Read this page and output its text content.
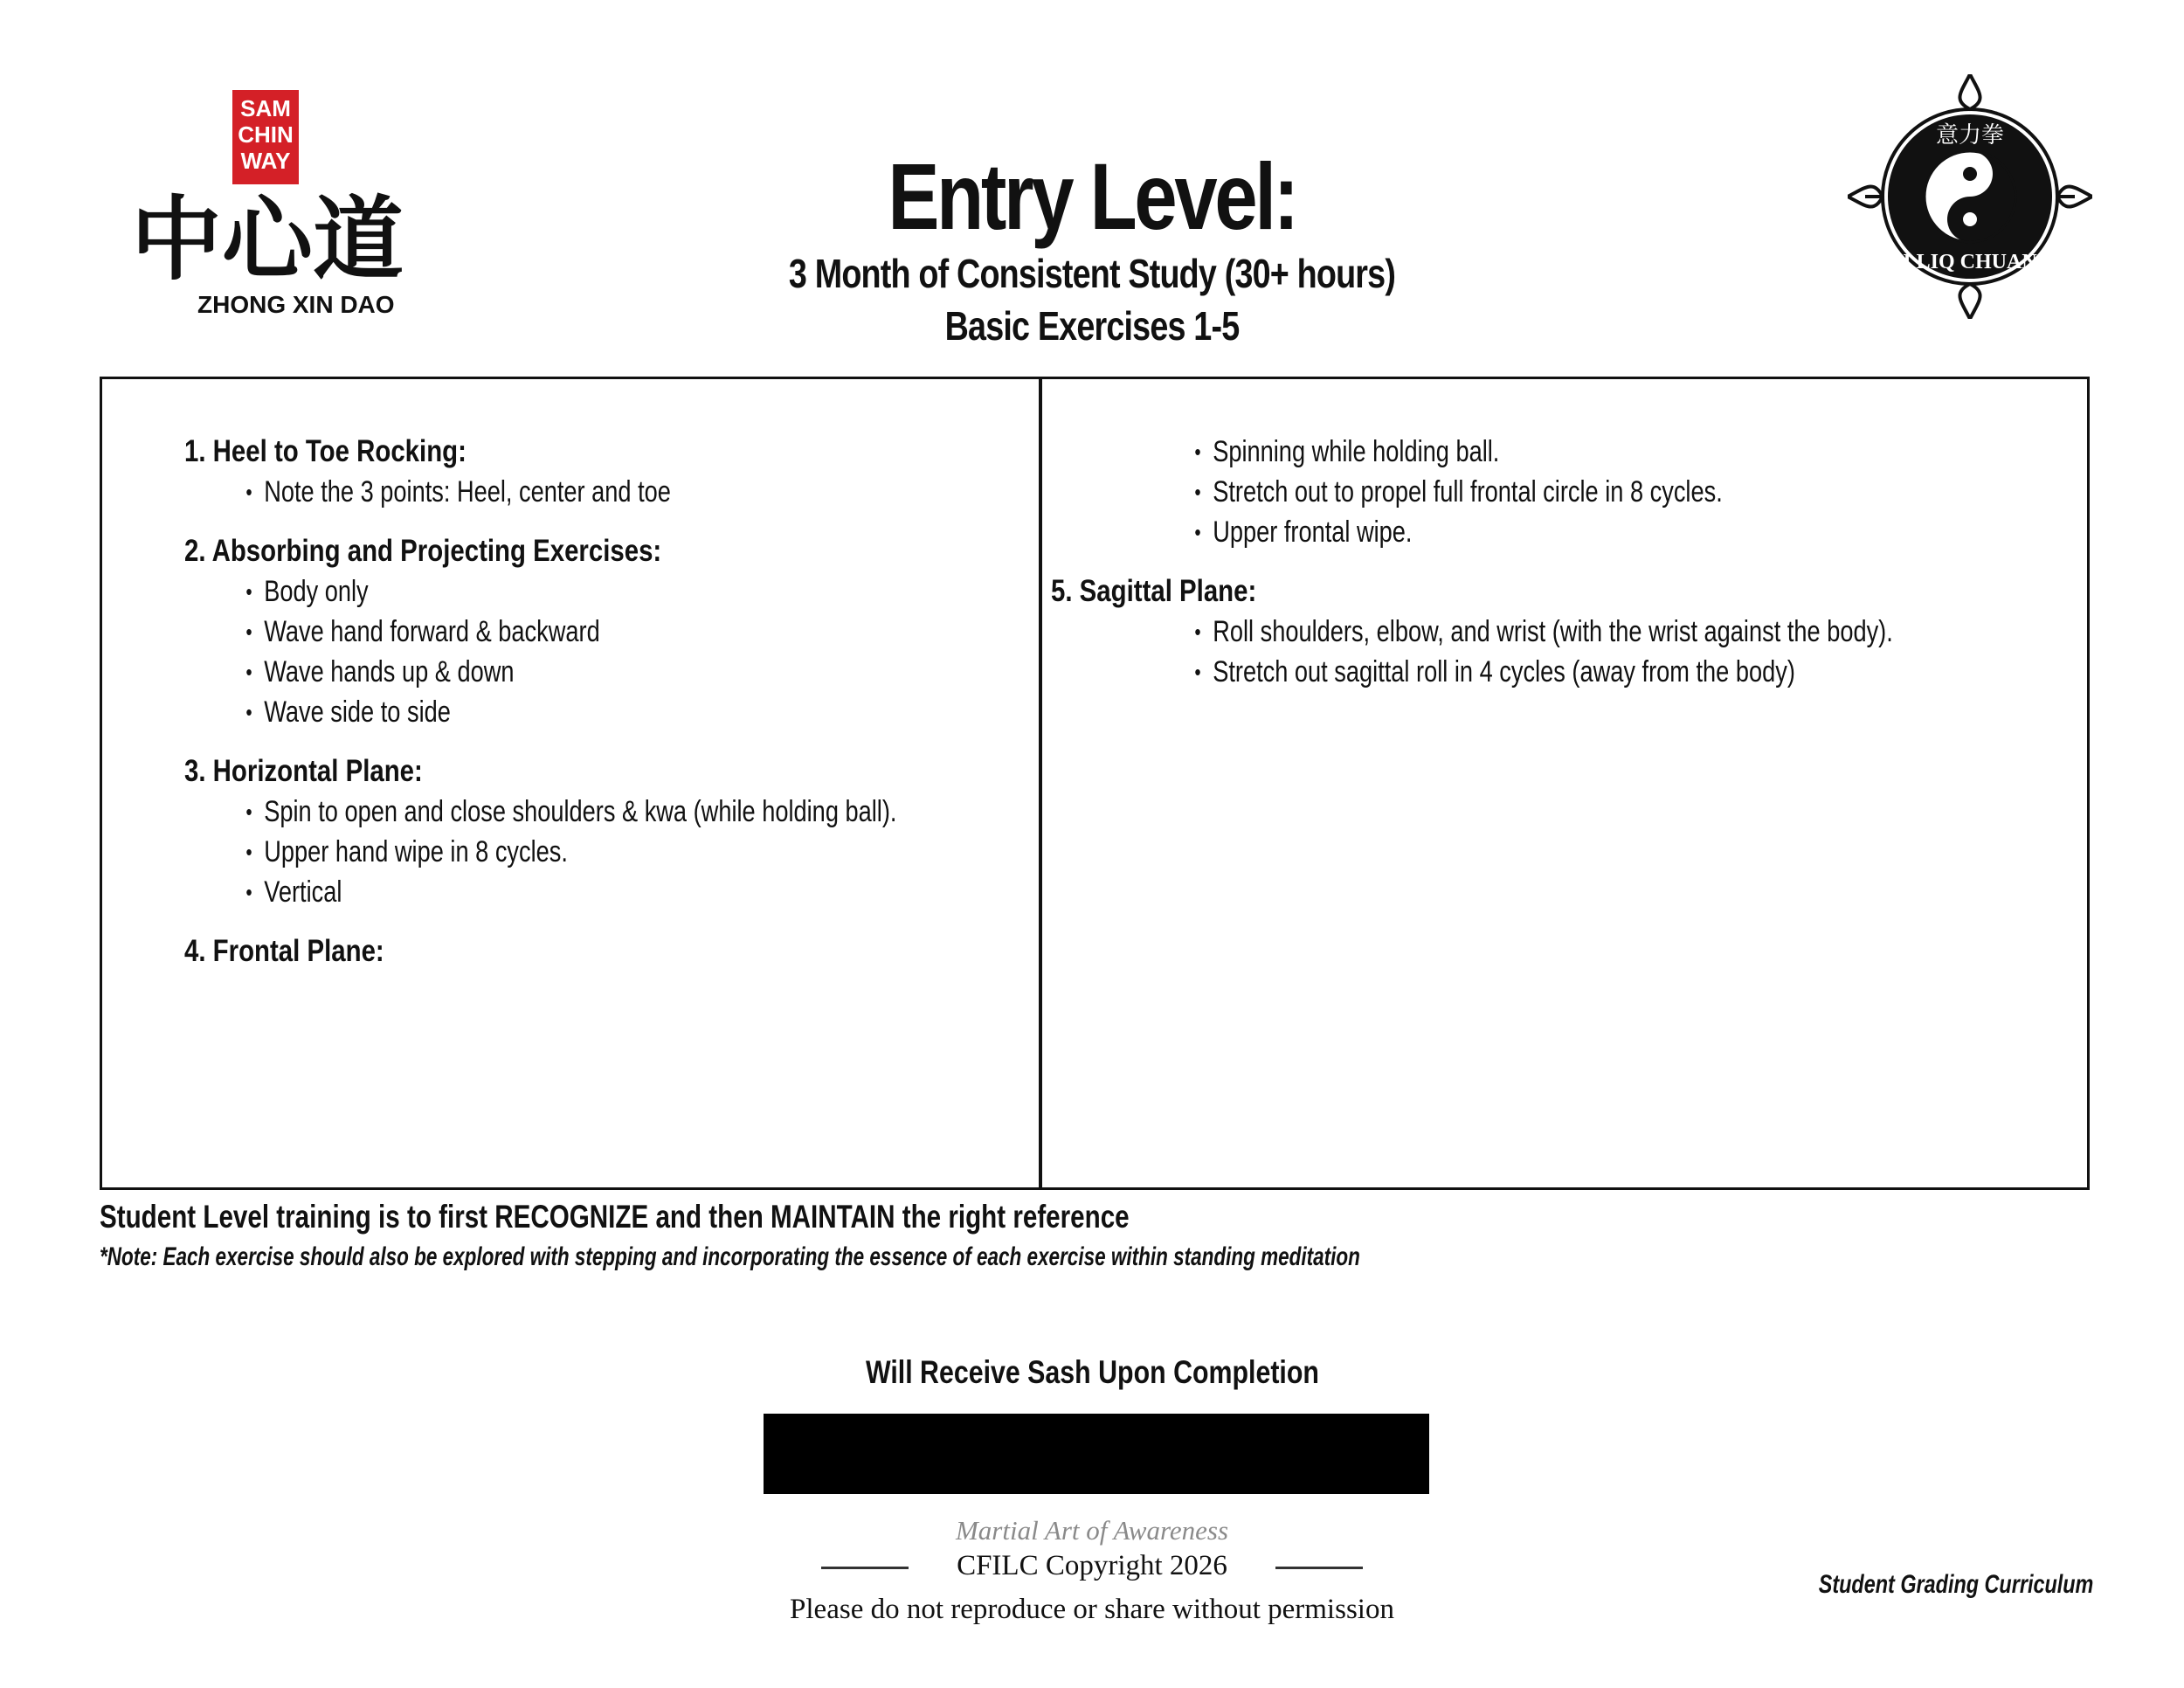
SAM
CHIN
WAY
中心道
ZHONG XIN DAO
Entry Level:
3 Month of Consistent Study (30+ hours)
Basic Exercises 1-5
意力拳
I LIQ CHUAN
1. Heel to Toe Rocking:
• Note the 3 points: Heel, center and toe
2. Absorbing and Projecting Exercises:
• Body only
• Wave hand forward & backward
• Wave hands up & down
• Wave side to side
3. Horizontal Plane:
• Spin to open and close shoulders & kwa (while holding ball).
• Upper hand wipe in 8 cycles.
• Vertical
4. Frontal Plane:
• Spinning while holding ball.
• Stretch out to propel full frontal circle in 8 cycles.
• Upper frontal wipe.
5. Sagittal Plane:
• Roll shoulders, elbow, and wrist (with the wrist against the body).
• Stretch out sagittal roll in 4 cycles (away from the body)
Student Level training is to first RECOGNIZE and then MAINTAIN the right reference
*Note: Each exercise should also be explored with stepping and incorporating the essence of each exercise within standing meditation
Will Receive Sash Upon Completion
Martial Art of Awareness
CFILC Copyright 2026
Please do not reproduce or share without permission
Student Grading Curriculum
